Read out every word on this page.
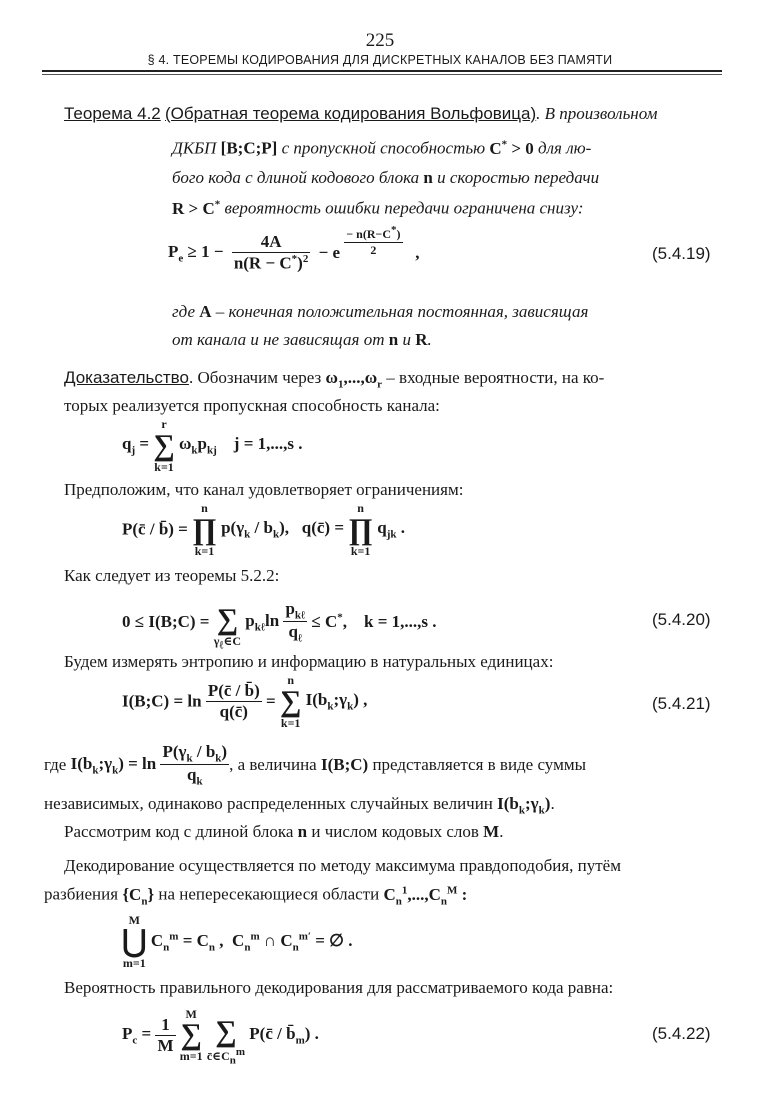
225
§ 4. ТЕОРЕМЫ КОДИРОВАНИЯ ДЛЯ ДИСКРЕТНЫХ КАНАЛОВ БЕЗ ПАМЯТИ
Теорема 4.2 (Обратная теорема кодирования Вольфовица). В произвольном
ДКБП [B;C;P] с пропускной способностью C* > 0 для лю-
бого кода с длиной кодового блока n и скоростью передачи
R > C* вероятность ошибки передачи ограничена снизу:
$P_e \ge 1 - \frac{4A}{n(R - C^*)^2} - e \frac{- n(R-C^*)}{2}$ ,	(5.4.19)
где A – конечная положительная постоянная, зависящая
от канала и не зависящая от n и R.
Доказательство. Обозначим через $\omega_1,...,\omega_r$ – входные вероятности, на ко-
торых реализуется пропускная способность канала:
$q_j = r$
∑
k=1 $\omega_kp_{kj}$    j = 1,...,s .
Предположим, что канал удовлетворяет ограничениям:
P(c̄ / b̄) = n
∏
k=1 $p(\gamma_k / b_k)$,   q(c̄) = n
∏
k=1 $q_{jk}$ .
Как следует из теоремы 5.2.2:
0 ≤ I(B;C) = ∑
$\gamma_\ell\in C$ $p_{k\ell}\ln$
$p_{k\ell}$
$q_\ell$
≤ C*,    k = 1,...,s .	(5.4.20)
Будем измерять энтропию и информацию в натуральных единицах:
I(B;C) = $\ln \frac{P(c̄ / b̄)}{q(c̄)} = n$
∑
k=1 $I(b_k;\gamma_k)$ ,	(5.4.21)
где $I(b_k;\gamma_k) = \ln \frac{P(\gamma_k / b_k)}{q_k}$ , а величина I(B;C) представляется в виде суммы
независимых, одинаково распределенных случайных величин $I(b_k;\gamma_k)$.
Рассмотрим код с длиной блока n и числом кодовых слов M.
Декодирование осуществляется по методу максимума правдоподобия, путём
разбиения $\{C_n\}$ на непересекающиеся области $C_n^1,...,C_n^M$ :
M
⋃
m=1 $C_n^m = C_n$ ,  $C_n^m$ ∩ $C_n^{m'}$ = ∅ .
Вероятность правильного декодирования для рассматриваемого кода равна:
$P_c = \frac{1}{M}$
M
∑
m=1
∑
$c̄\in C_n^m$ P(c̄ / $b̄_m$) .	(5.4.22)
